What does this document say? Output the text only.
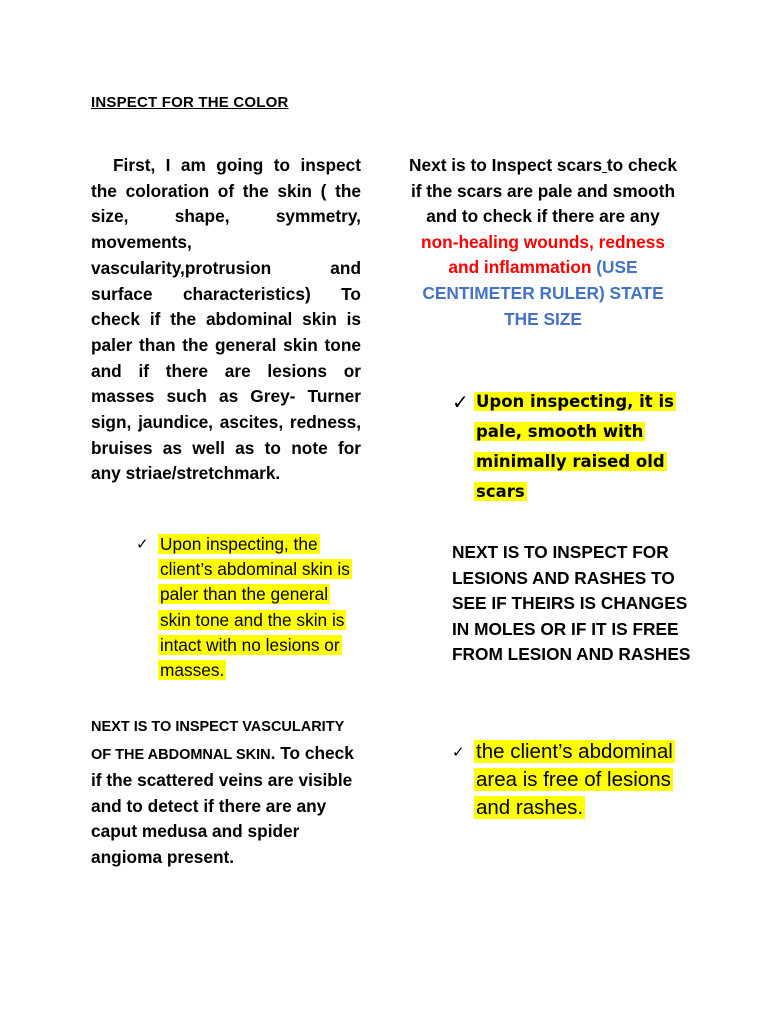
INSPECT FOR THE COLOR
First, I am going to inspect the coloration of the skin ( the size, shape, symmetry, movements, vascularity,protrusion and surface characteristics) To check if the abdominal skin is paler than the general skin tone and if there are lesions or masses such as Grey- Turner sign, jaundice, ascites, redness, bruises as well as to note for any striae/stretchmark.
✓ Upon inspecting, the client’s abdominal skin is paler than the general skin tone and the skin is intact with no lesions or masses.
NEXT IS TO INSPECT VASCULARITY OF THE ABDOMNAL SKIN. To check if the scattered veins are visible and to detect if there are any caput medusa and spider angioma present.
Next is to Inspect scars to check if the scars are pale and smooth and to check if there are any non-healing wounds, redness and inflammation (USE CENTIMETER RULER) STATE THE SIZE
✓ Upon inspecting, it is pale, smooth with minimally raised old scars
NEXT IS TO INSPECT FOR LESIONS AND RASHES TO SEE IF THEIRS IS CHANGES IN MOLES OR IF IT IS FREE FROM LESION AND RASHES
✓ the client’s abdominal area is free of lesions and rashes.
